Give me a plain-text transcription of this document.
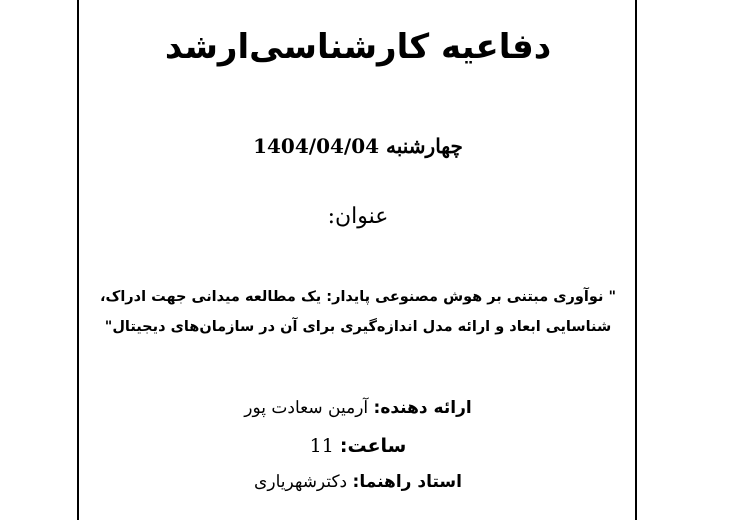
دفاعیه کارشناسی‌ارشد
چهارشنبه 1404/04/04
عنوان:
" نوآوری مبتنی بر هوش مصنوعی پایدار: یک مطالعه میدانی جهت ادراک،
شناسایی ابعاد و ارائه مدل اندازه‌گیری برای آن در سازمان‌های دیجیتال"
ارائه دهنده: آرمین سعادت پور
ساعت: 11
استاد راهنما: دکترشهریاری
